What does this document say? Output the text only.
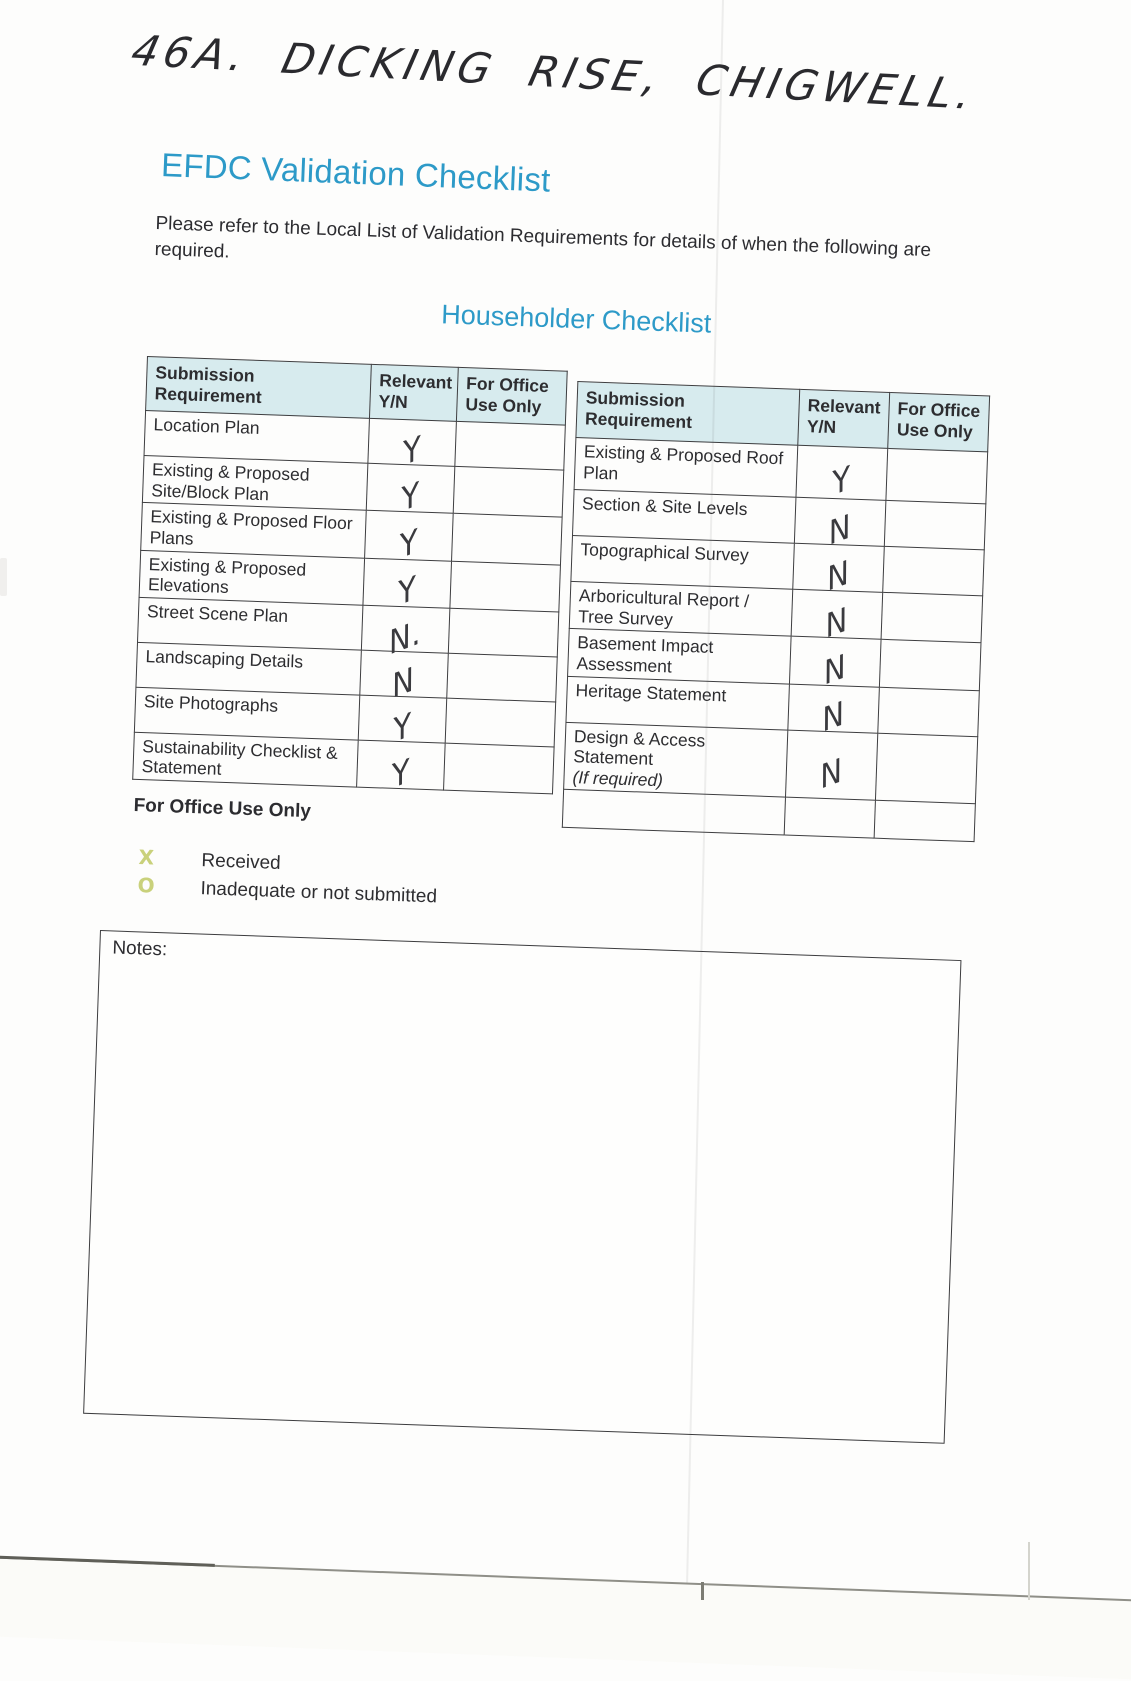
46A. DICKING RISE, CHIGWELL.
EFDC Validation Checklist

Please refer to the Local List of Validation Requirements for details of when the following are required.

Householder Checklist
Submission Requirement	Relevant Y/N	For Office Use Only
Location Plan	Y	
Existing & Proposed Site/Block Plan	Y	
Existing & Proposed Floor Plans	Y	
Existing & Proposed Elevations	Y	
Street Scene Plan	N.	
Landscaping Details	N	
Site Photographs	Y	
Sustainability Checklist & Statement	Y	
Submission Requirement	Relevant Y/N	For Office Use Only
Existing & Proposed Roof Plan	Y	
Section & Site Levels	N	
Topographical Survey	N	
Arboricultural Report / Tree Survey	N	
Basement Impact Assessment	N	
Heritage Statement	N	
Design & Access Statement
(If required)	N	

For Office Use Only
X	Received
O	Inadequate or not submitted
Notes:
